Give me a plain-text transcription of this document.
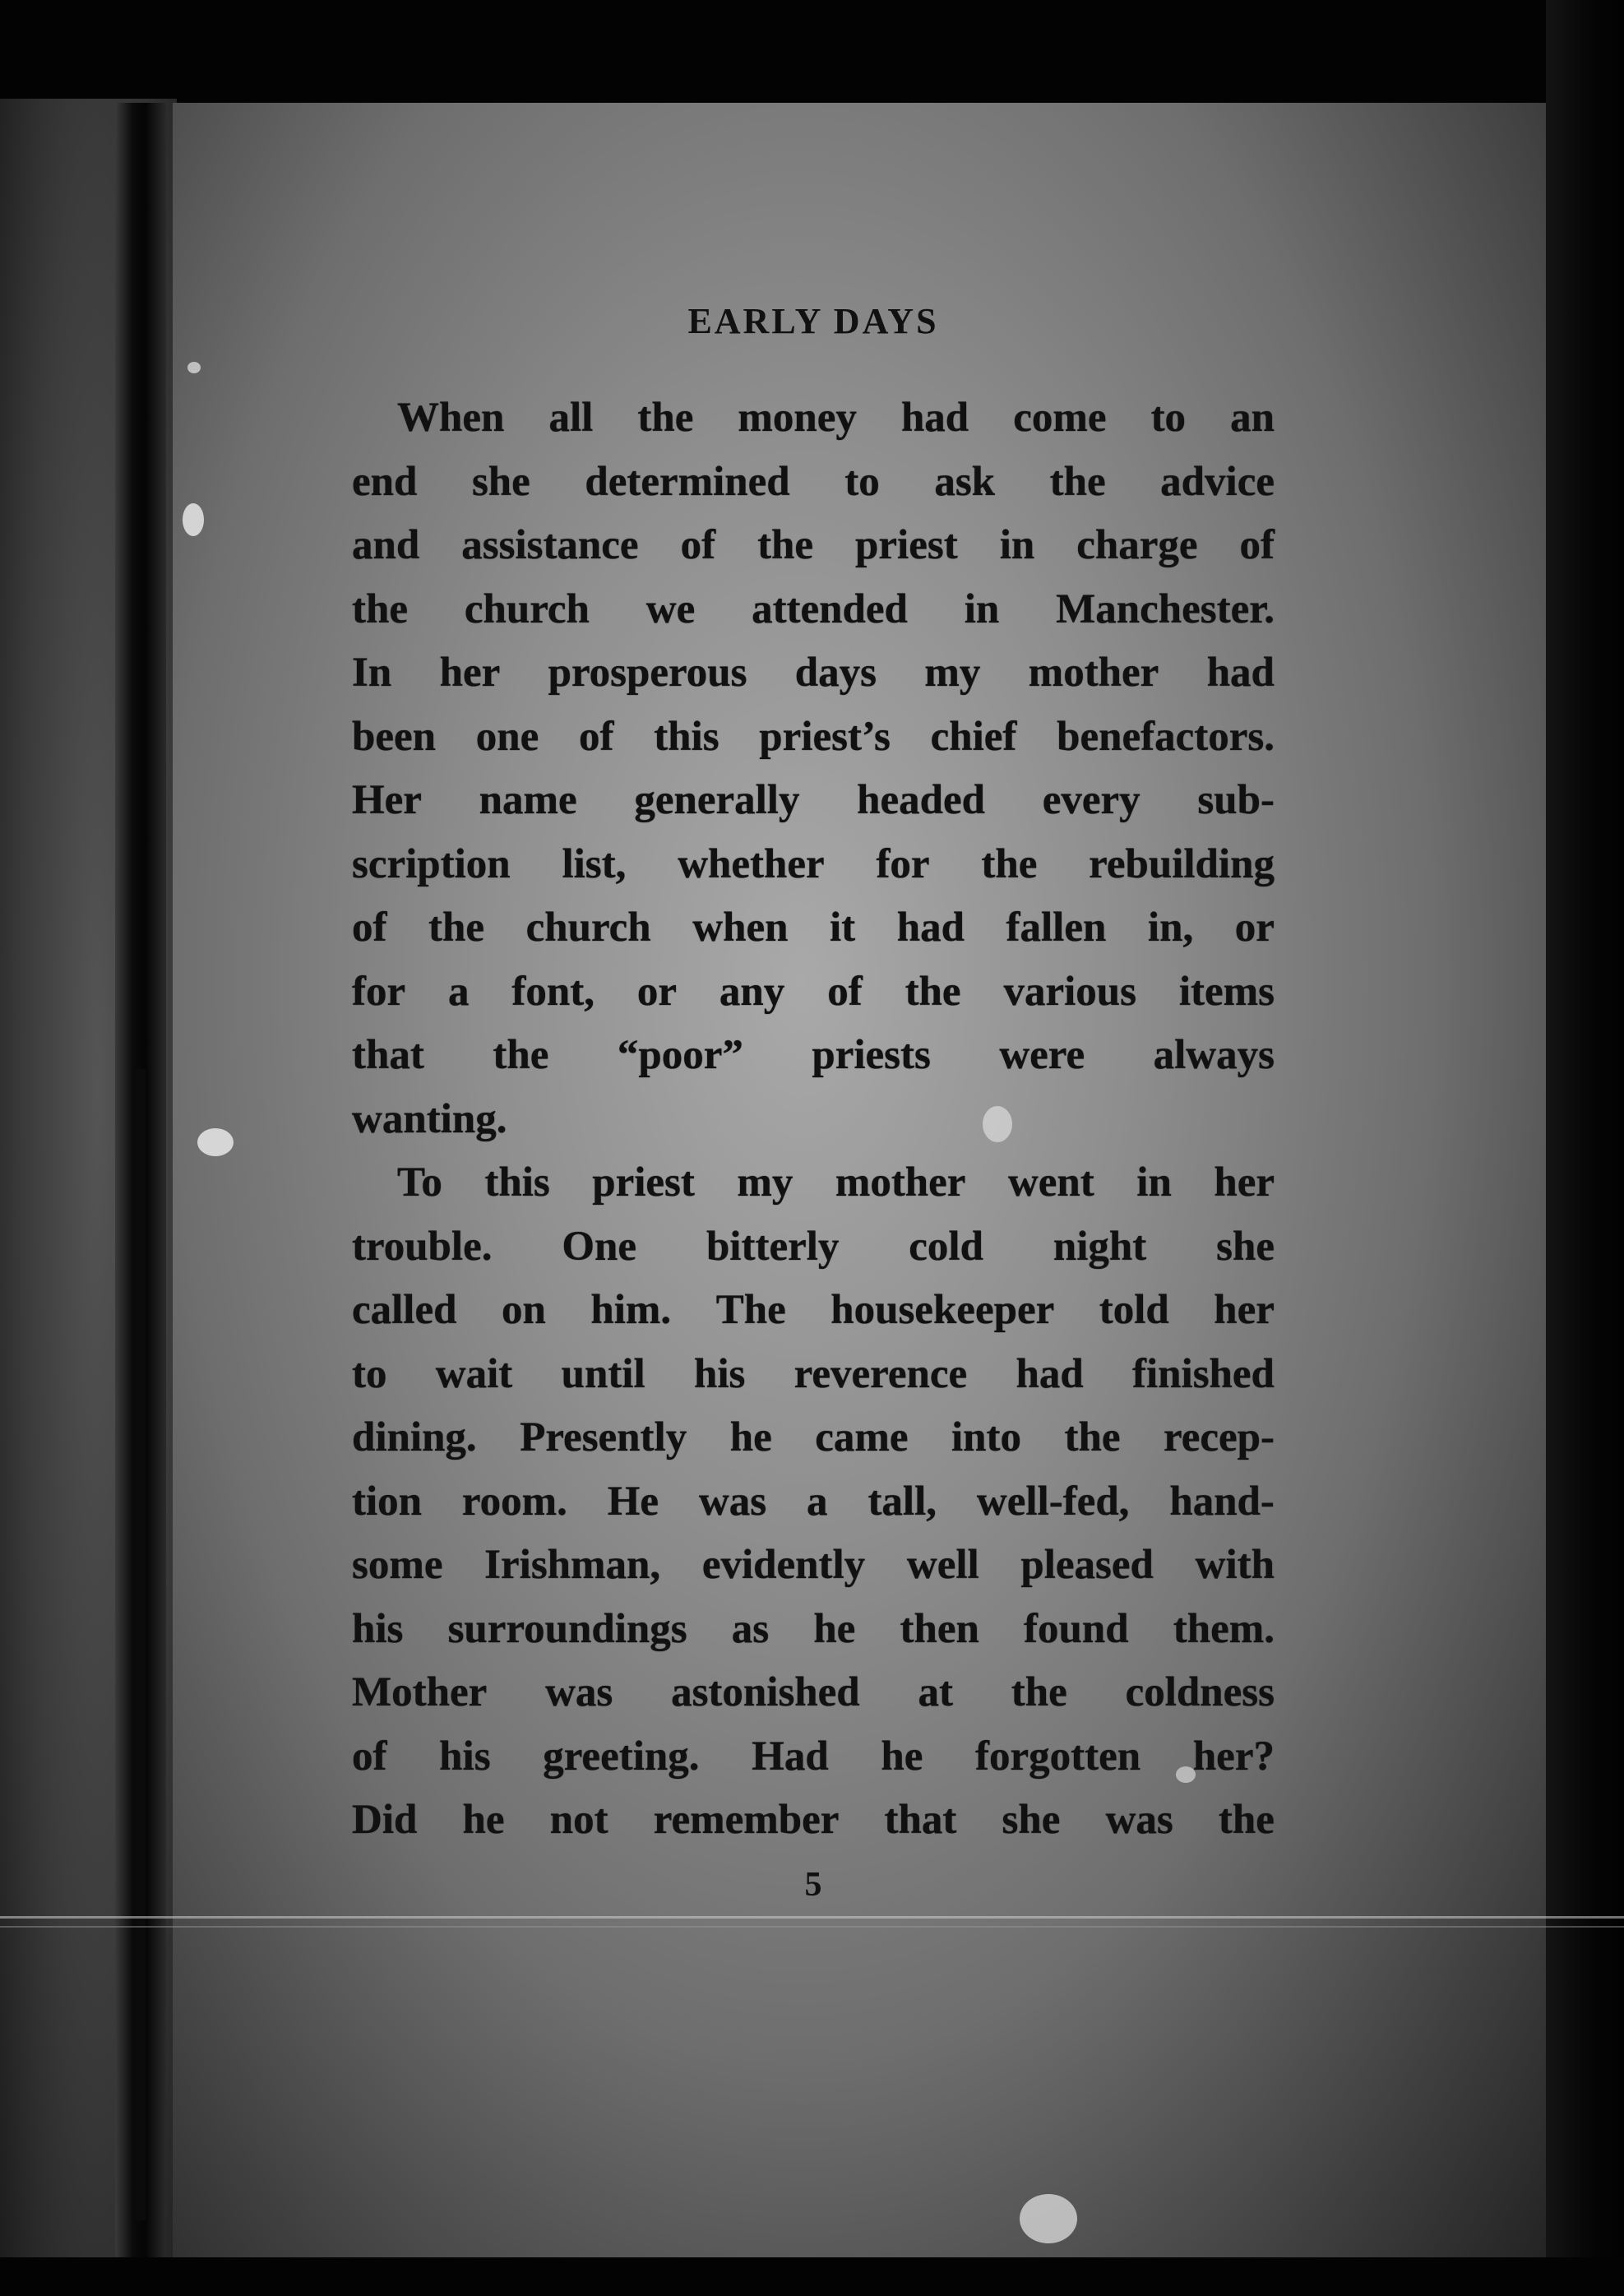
EARLY DAYS
When all the money had come to an
end she determined to ask the advice
and assistance of the priest in charge of
the church we attended in Manchester.
In her prosperous days my mother had
been one of this priest’s chief benefactors.
Her name generally headed every sub-
scription list, whether for the rebuilding
of the church when it had fallen in, or
for a font, or any of the various items
that the “poor” priests were always
wanting.
To this priest my mother went in her
trouble. One bitterly cold night she
called on him. The housekeeper told her
to wait until his reverence had finished
dining. Presently he came into the recep-
tion room. He was a tall, well-fed, hand-
some Irishman, evidently well pleased with
his surroundings as he then found them.
Mother was astonished at the coldness
of his greeting. Had he forgotten her?
Did he not remember that she was the
5
